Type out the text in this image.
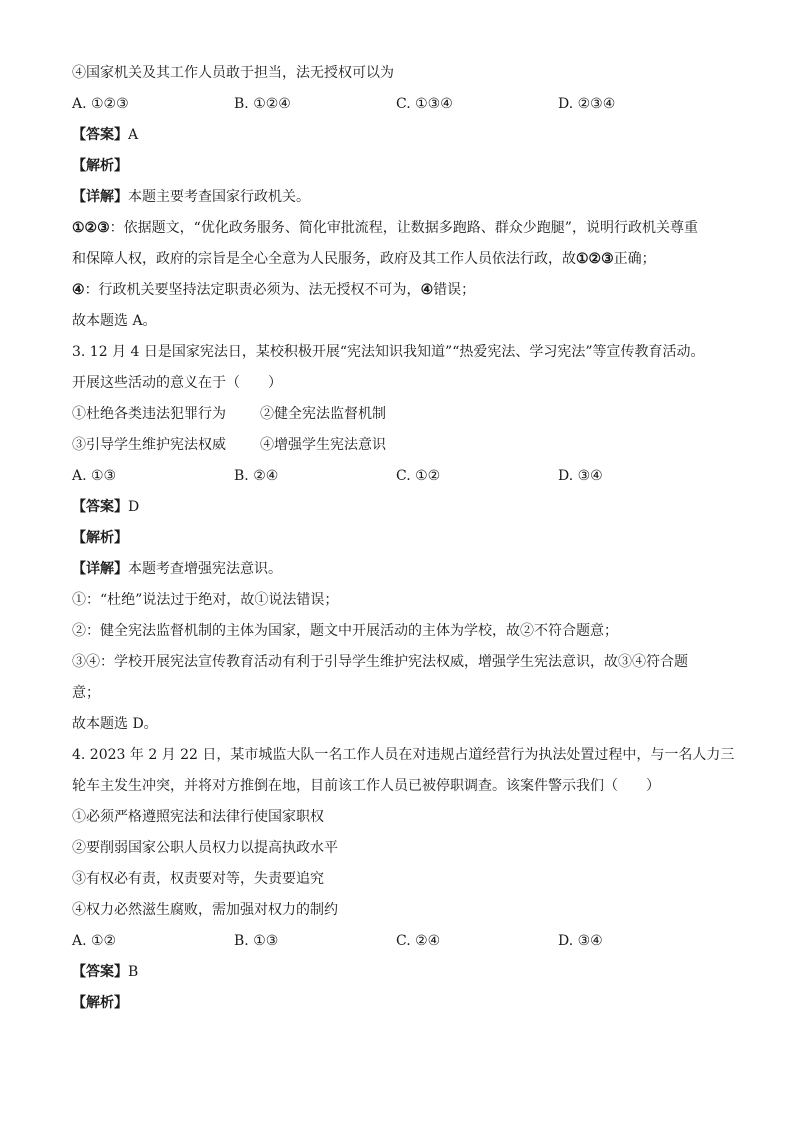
④国家机关及其工作人员敢于担当，法无授权可以为
A. ①②③	B. ①②④	C. ①③④	D. ②③④
【答案】A
【解析】
【详解】本题主要考查国家行政机关。
①②③：依据题文，“优化政务服务、简化审批流程，让数据多跑路、群众少跑腿”，说明行政机关尊重
和保障人权，政府的宗旨是全心全意为人民服务，政府及其工作人员依法行政，故①②③正确；
④：行政机关要坚持法定职责必须为、法无授权不可为，④错误；
故本题选 A。
3. 12 月 4 日是国家宪法日，某校积极开展“宪法知识我知道”“热爱宪法、学习宪法”等宣传教育活动。
开展这些活动的意义在于（　　）
①杜绝各类违法犯罪行为 ②健全宪法监督机制
③引导学生维护宪法权威 ④增强学生宪法意识
A. ①③	B. ②④	C. ①②	D. ③④
【答案】D
【解析】
【详解】本题考查增强宪法意识。
①：“杜绝”说法过于绝对，故①说法错误；
②：健全宪法监督机制的主体为国家，题文中开展活动的主体为学校，故②不符合题意；
③④：学校开展宪法宣传教育活动有利于引导学生维护宪法权威，增强学生宪法意识，故③④符合题
意；
故本题选 D。
4. 2023 年 2 月 22 日，某市城监大队一名工作人员在对违规占道经营行为执法处置过程中，与一名人力三
轮车主发生冲突，并将对方推倒在地，目前该工作人员已被停职调查。该案件警示我们（　　）
①必须严格遵照宪法和法律行使国家职权
②要削弱国家公职人员权力以提高执政水平
③有权必有责，权责要对等，失责要追究
④权力必然滋生腐败，需加强对权力的制约
A. ①②	B. ①③	C. ②④	D. ③④
【答案】B
【解析】
